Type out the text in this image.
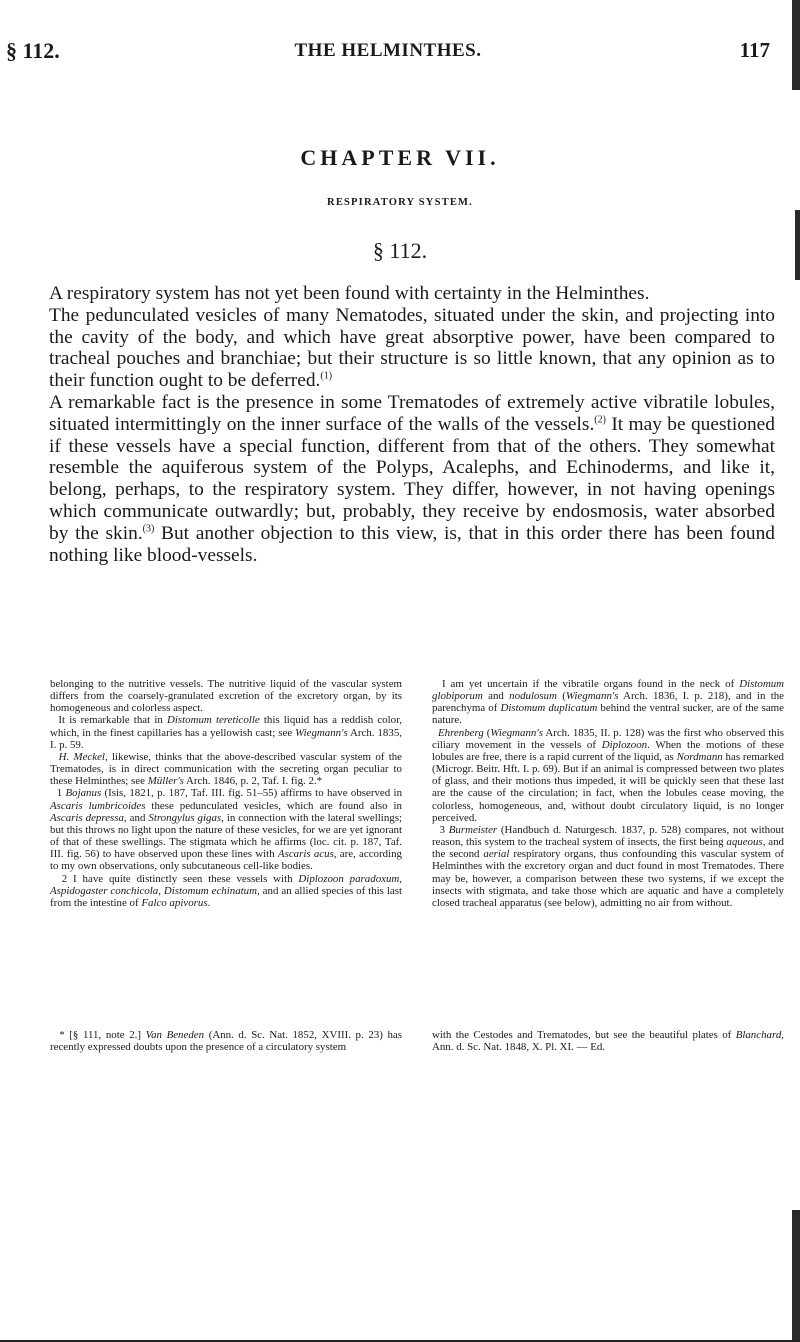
§ 112.	THE HELMINTHES.	117
CHAPTER VII.
RESPIRATORY SYSTEM.
§ 112.

A respiratory system has not yet been found with certainty in the Helminthes.

The pedunculated vesicles of many Nematodes, situated under the skin, and projecting into the cavity of the body, and which have great absorptive power, have been compared to tracheal pouches and branchiae; but their structure is so little known, that any opinion as to their function ought to be deferred.$^{(1)}$

A remarkable fact is the presence in some Trematodes of extremely active vibratile lobules, situated intermittingly on the inner surface of the walls of the vessels.$^{(2)}$ It may be questioned if these vessels have a special function, different from that of the others. They somewhat resemble the aquiferous system of the Polyps, Acalephs, and Echinoderms, and like it, belong, perhaps, to the respiratory system. They differ, however, in not having openings which communicate outwardly; but, probably, they receive by endosmosis, water absorbed by the skin.$^{(3)}$ But another objection to this view, is, that in this order there has been found nothing like blood-vessels.

belonging to the nutritive vessels. The nutritive liquid of the vascular system differs from the coarsely-granulated excretion of the excretory organ, by its homogeneous and colorless aspect.

It is remarkable that in Distomum tereticolle this liquid has a reddish color, which, in the finest capillaries has a yellowish cast; see Wiegmann's Arch. 1835, I. p. 59.

H. Meckel, likewise, thinks that the above-described vascular system of the Trematodes, is in direct communication with the secreting organ peculiar to these Helminthes; see Müller's Arch. 1846, p. 2, Taf. I. fig. 2.*

1 Bojanus (Isis, 1821, p. 187, Taf. III. fig. 51–55) affirms to have observed in Ascaris lumbricoides these pedunculated vesicles, which are found also in Ascaris depressa, and Strongylus gigas, in connection with the lateral swellings; but this throws no light upon the nature of these vesicles, for we are yet ignorant of that of these swellings. The stigmata which he affirms (loc. cit. p. 187, Taf. III. fig. 56) to have observed upon these lines with Ascaris acus, are, according to my own observations, only subcutaneous cell-like bodies.

2 I have quite distinctly seen these vessels with Diplozoon paradoxum, Aspidogaster conchicola, Distomum echinatum, and an allied species of this last from the intestine of Falco apivorus.

I am yet uncertain if the vibratile organs found in the neck of Distomum globiporum and nodulosum (Wiegmann's Arch. 1836, I. p. 218), and in the parenchyma of Distomum duplicatum behind the ventral sucker, are of the same nature.

Ehrenberg (Wiegmann's Arch. 1835, II. p. 128) was the first who observed this ciliary movement in the vessels of Diplozoon. When the motions of these lobules are free, there is a rapid current of the liquid, as Nordmann has remarked (Microgr. Beitr. Hft. I. p. 69). But if an animal is compressed between two plates of glass, and their motions thus impeded, it will be quickly seen that these last are the cause of the circulation; in fact, when the lobules cease moving, the colorless, homogeneous, and, without doubt circulatory liquid, is no longer perceived.

3 Burmeister (Handbuch d. Naturgesch. 1837, p. 528) compares, not without reason, this system to the tracheal system of insects, the first being aqueous, and the second aerial respiratory organs, thus confounding this vascular system of Helminthes with the excretory organ and duct found in most Trematodes. There may be, however, a comparison between these two systems, if we except the insects with stigmata, and take those which are aquatic and have a completely closed tracheal apparatus (see below), admitting no air from without.

* [§ 111, note 2.] Van Beneden (Ann. d. Sc. Nat. 1852, XVIII. p. 23) has recently expressed doubts upon the presence of a circulatory system

with the Cestodes and Trematodes, but see the beautiful plates of Blanchard, Ann. d. Sc. Nat. 1848, X. Pl. XI. — Ed.
